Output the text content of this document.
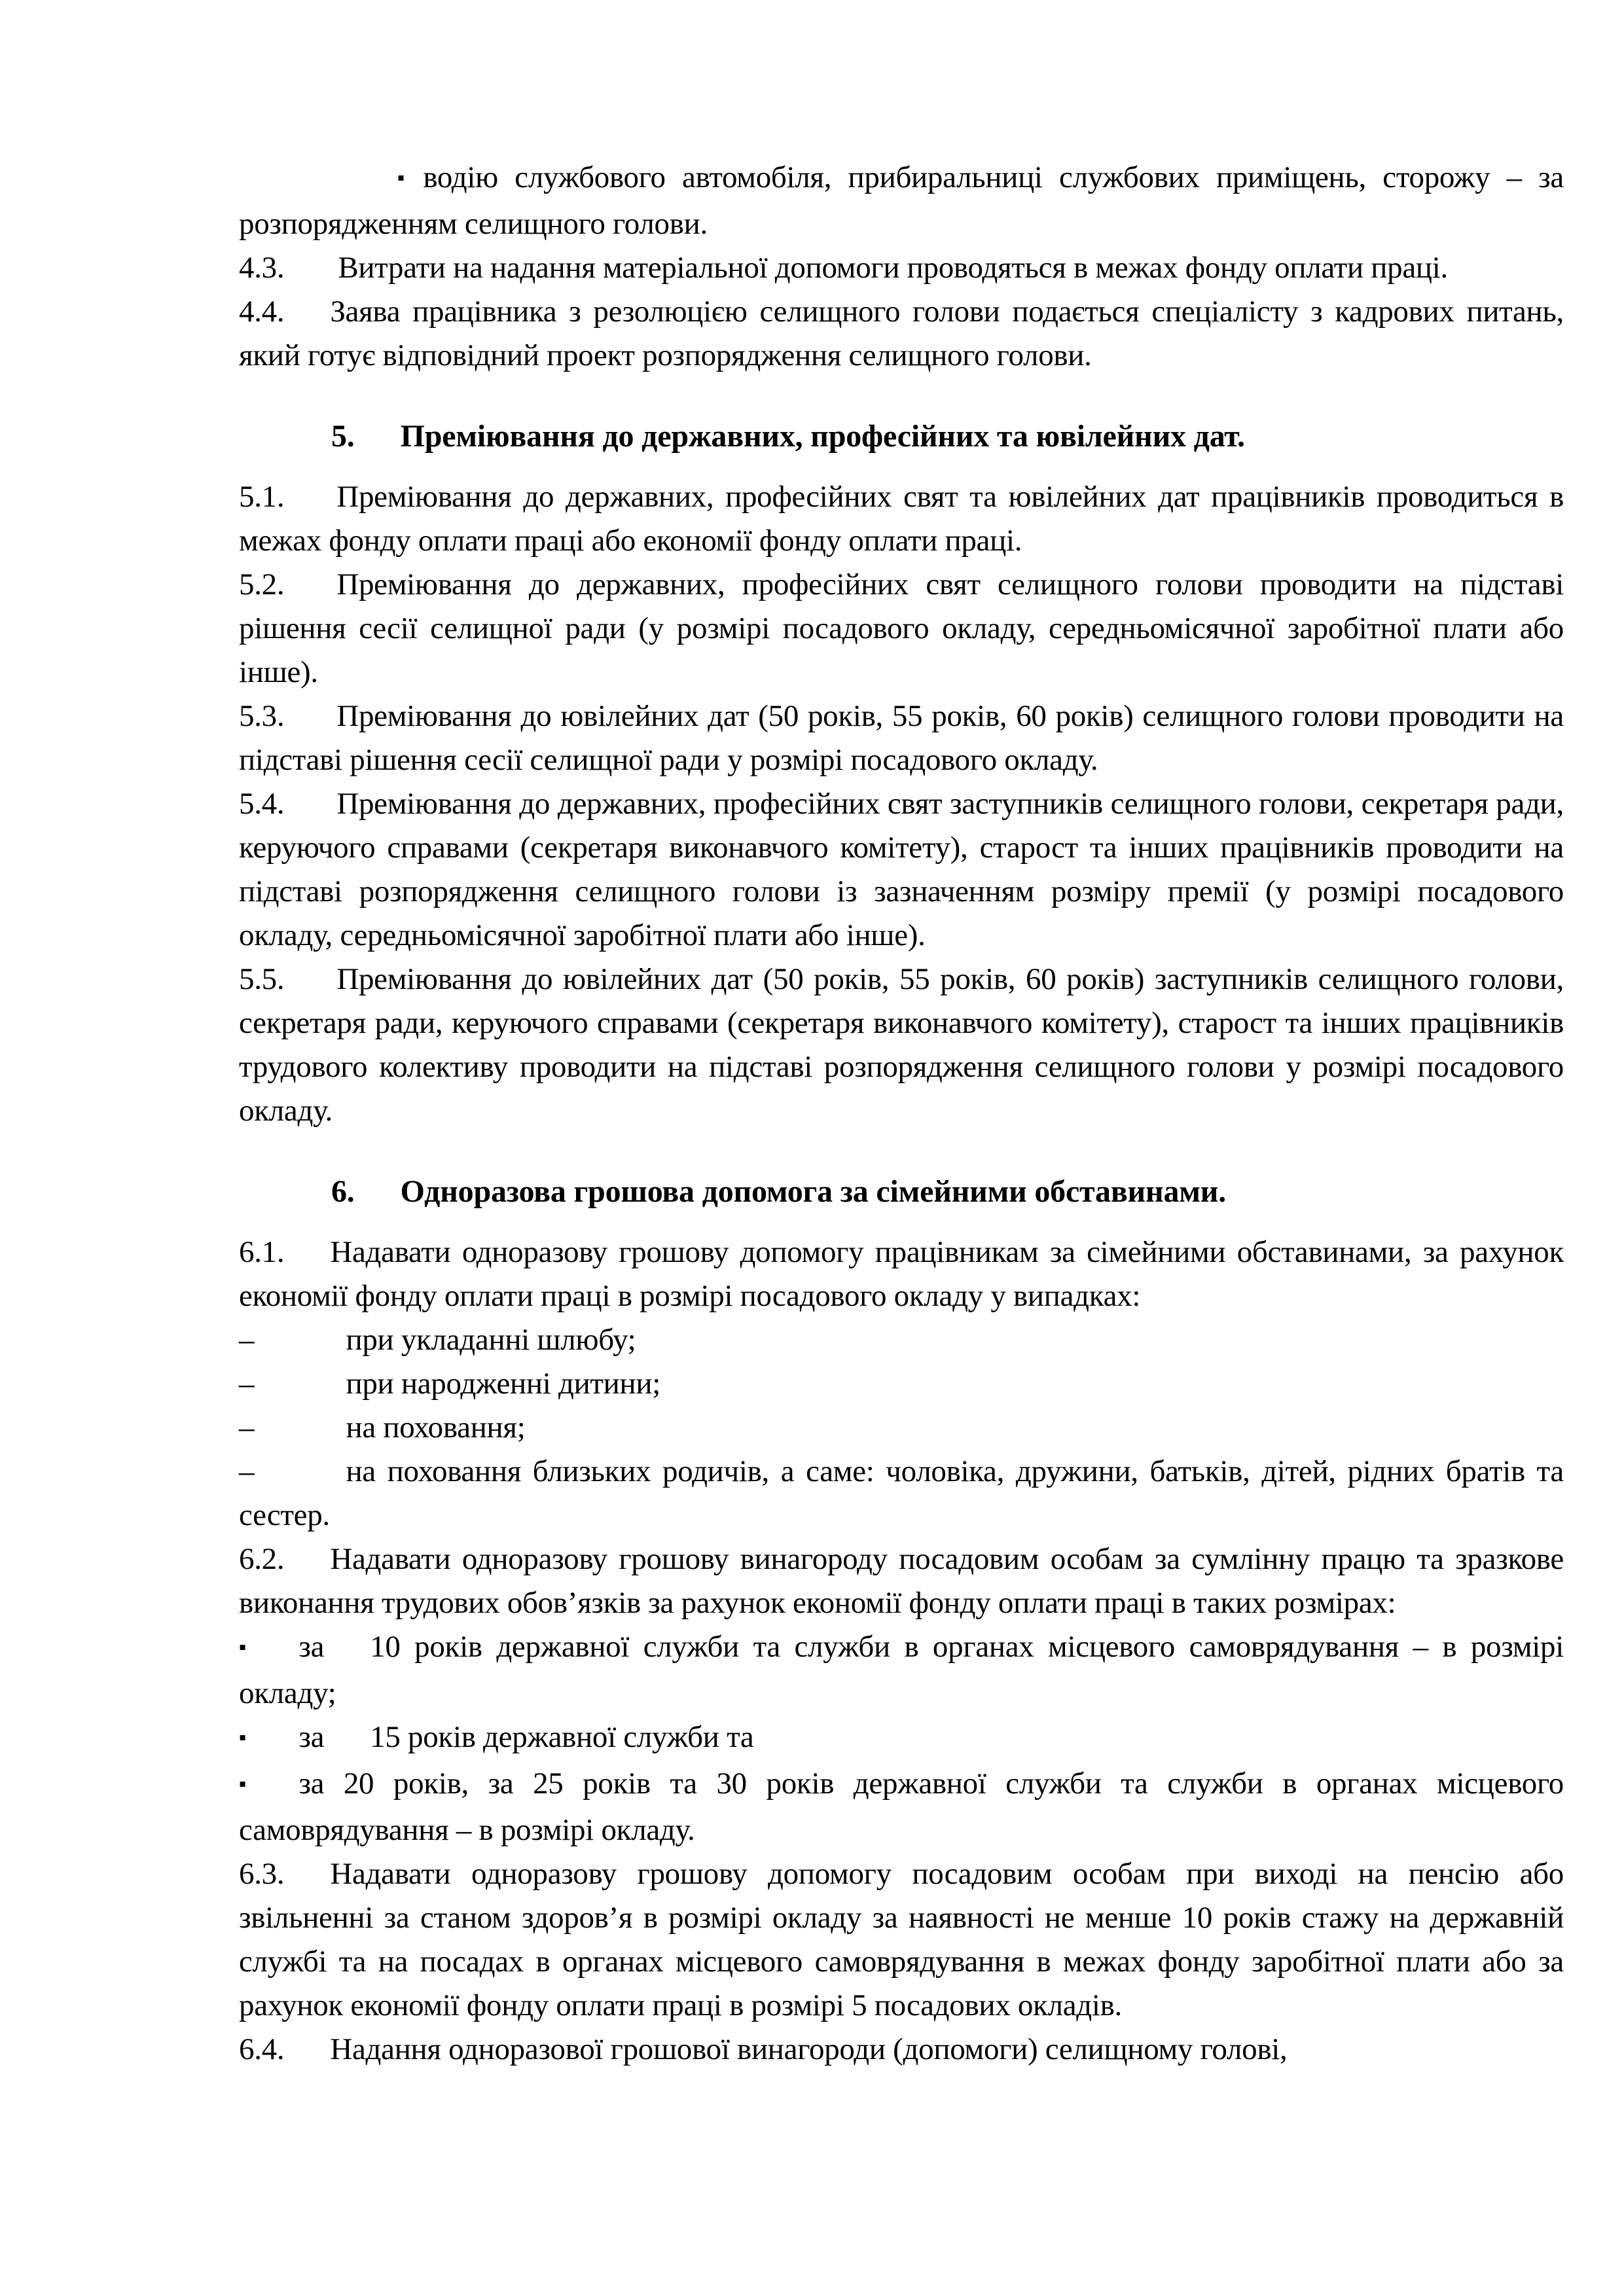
▪ водію службового автомобіля, прибиральниці службових приміщень, сторожу – за розпорядженням селищного голови.

4.3. Витрати на надання матеріальної допомоги проводяться в межах фонду оплати праці.

4.4. Заява працівника з резолюцією селищного голови подається спеціалісту з кадрових питань, який готує відповідний проект розпорядження селищного голови.

5. Преміювання до державних, професійних та ювілейних дат.

5.1. Преміювання до державних, професійних свят та ювілейних дат працівників проводиться в межах фонду оплати праці або економії фонду оплати праці.

5.2. Преміювання до державних, професійних свят селищного голови проводити на підставі рішення сесії селищної ради (у розмірі посадового окладу, середньомісячної заробітної плати або інше).

5.3. Преміювання до ювілейних дат (50 років, 55 років, 60 років) селищного голови проводити на підставі рішення сесії селищної ради у розмірі посадового окладу.

5.4. Преміювання до державних, професійних свят заступників селищного голови, секретаря ради, керуючого справами (секретаря виконавчого комітету), старост та інших працівників проводити на підставі розпорядження селищного голови із зазначенням розміру премії (у розмірі посадового окладу, середньомісячної заробітної плати або інше).

5.5. Преміювання до ювілейних дат (50 років, 55 років, 60 років) заступників селищного голови, секретаря ради, керуючого справами (секретаря виконавчого комітету), старост та інших працівників трудового колективу проводити на підставі розпорядження селищного голови у розмірі посадового окладу.

6. Одноразова грошова допомога за сімейними обставинами.

6.1. Надавати одноразову грошову допомогу працівникам за сімейними обставинами, за рахунок економії фонду оплати праці в розмірі посадового окладу у випадках:

–	при укладанні шлюбу;

–	при народженні дитини;

–	на поховання;

–	на поховання близьких родичів, а саме: чоловіка, дружини, батьків, дітей, рідних братів та сестер.

6.2. Надавати одноразову грошову винагороду посадовим особам за сумлінну працю та зразкове виконання трудових обов’язків за рахунок економії фонду оплати праці в таких розмірах:

▪ за 10 років державної служби та служби в органах місцевого самоврядування – в розмірі окладу;

▪ за 15 років державної служби та

▪ за 20 років, за 25 років та 30 років державної служби та служби в органах місцевого самоврядування – в розмірі окладу.

6.3. Надавати одноразову грошову допомогу посадовим особам при виході на пенсію або звільненні за станом здоров’я в розмірі окладу за наявності не менше 10 років стажу на державній службі та на посадах в органах місцевого самоврядування в межах фонду заробітної плати або за рахунок економії фонду оплати праці в розмірі 5 посадових окладів.

6.4. Надання одноразової грошової винагороди (допомоги) селищному голові,
